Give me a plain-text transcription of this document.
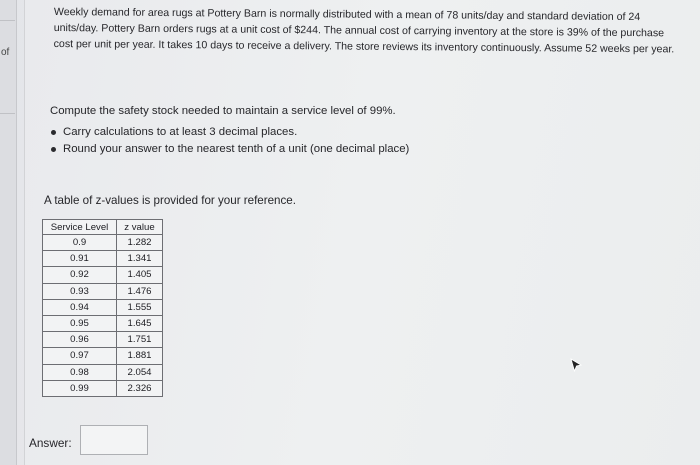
of
Weekly demand for area rugs at Pottery Barn is normally distributed with a mean of 78 units/day and standard deviation of 24 units/day. Pottery Barn orders rugs at a unit cost of $244. The annual cost of carrying inventory at the store is 39% of the purchase cost per unit per year. It takes 10 days to receive a delivery. The store reviews its inventory continuously. Assume 52 weeks per year.
Compute the safety stock needed to maintain a service level of 99%.
Carry calculations to at least 3 decimal places.
Round your answer to the nearest tenth of a unit (one decimal place)
A table of z-values is provided for your reference.
Service Level	z value
0.9	1.282
0.91	1.341
0.92	1.405
0.93	1.476
0.94	1.555
0.95	1.645
0.96	1.751
0.97	1.881
0.98	2.054
0.99	2.326
Answer:
